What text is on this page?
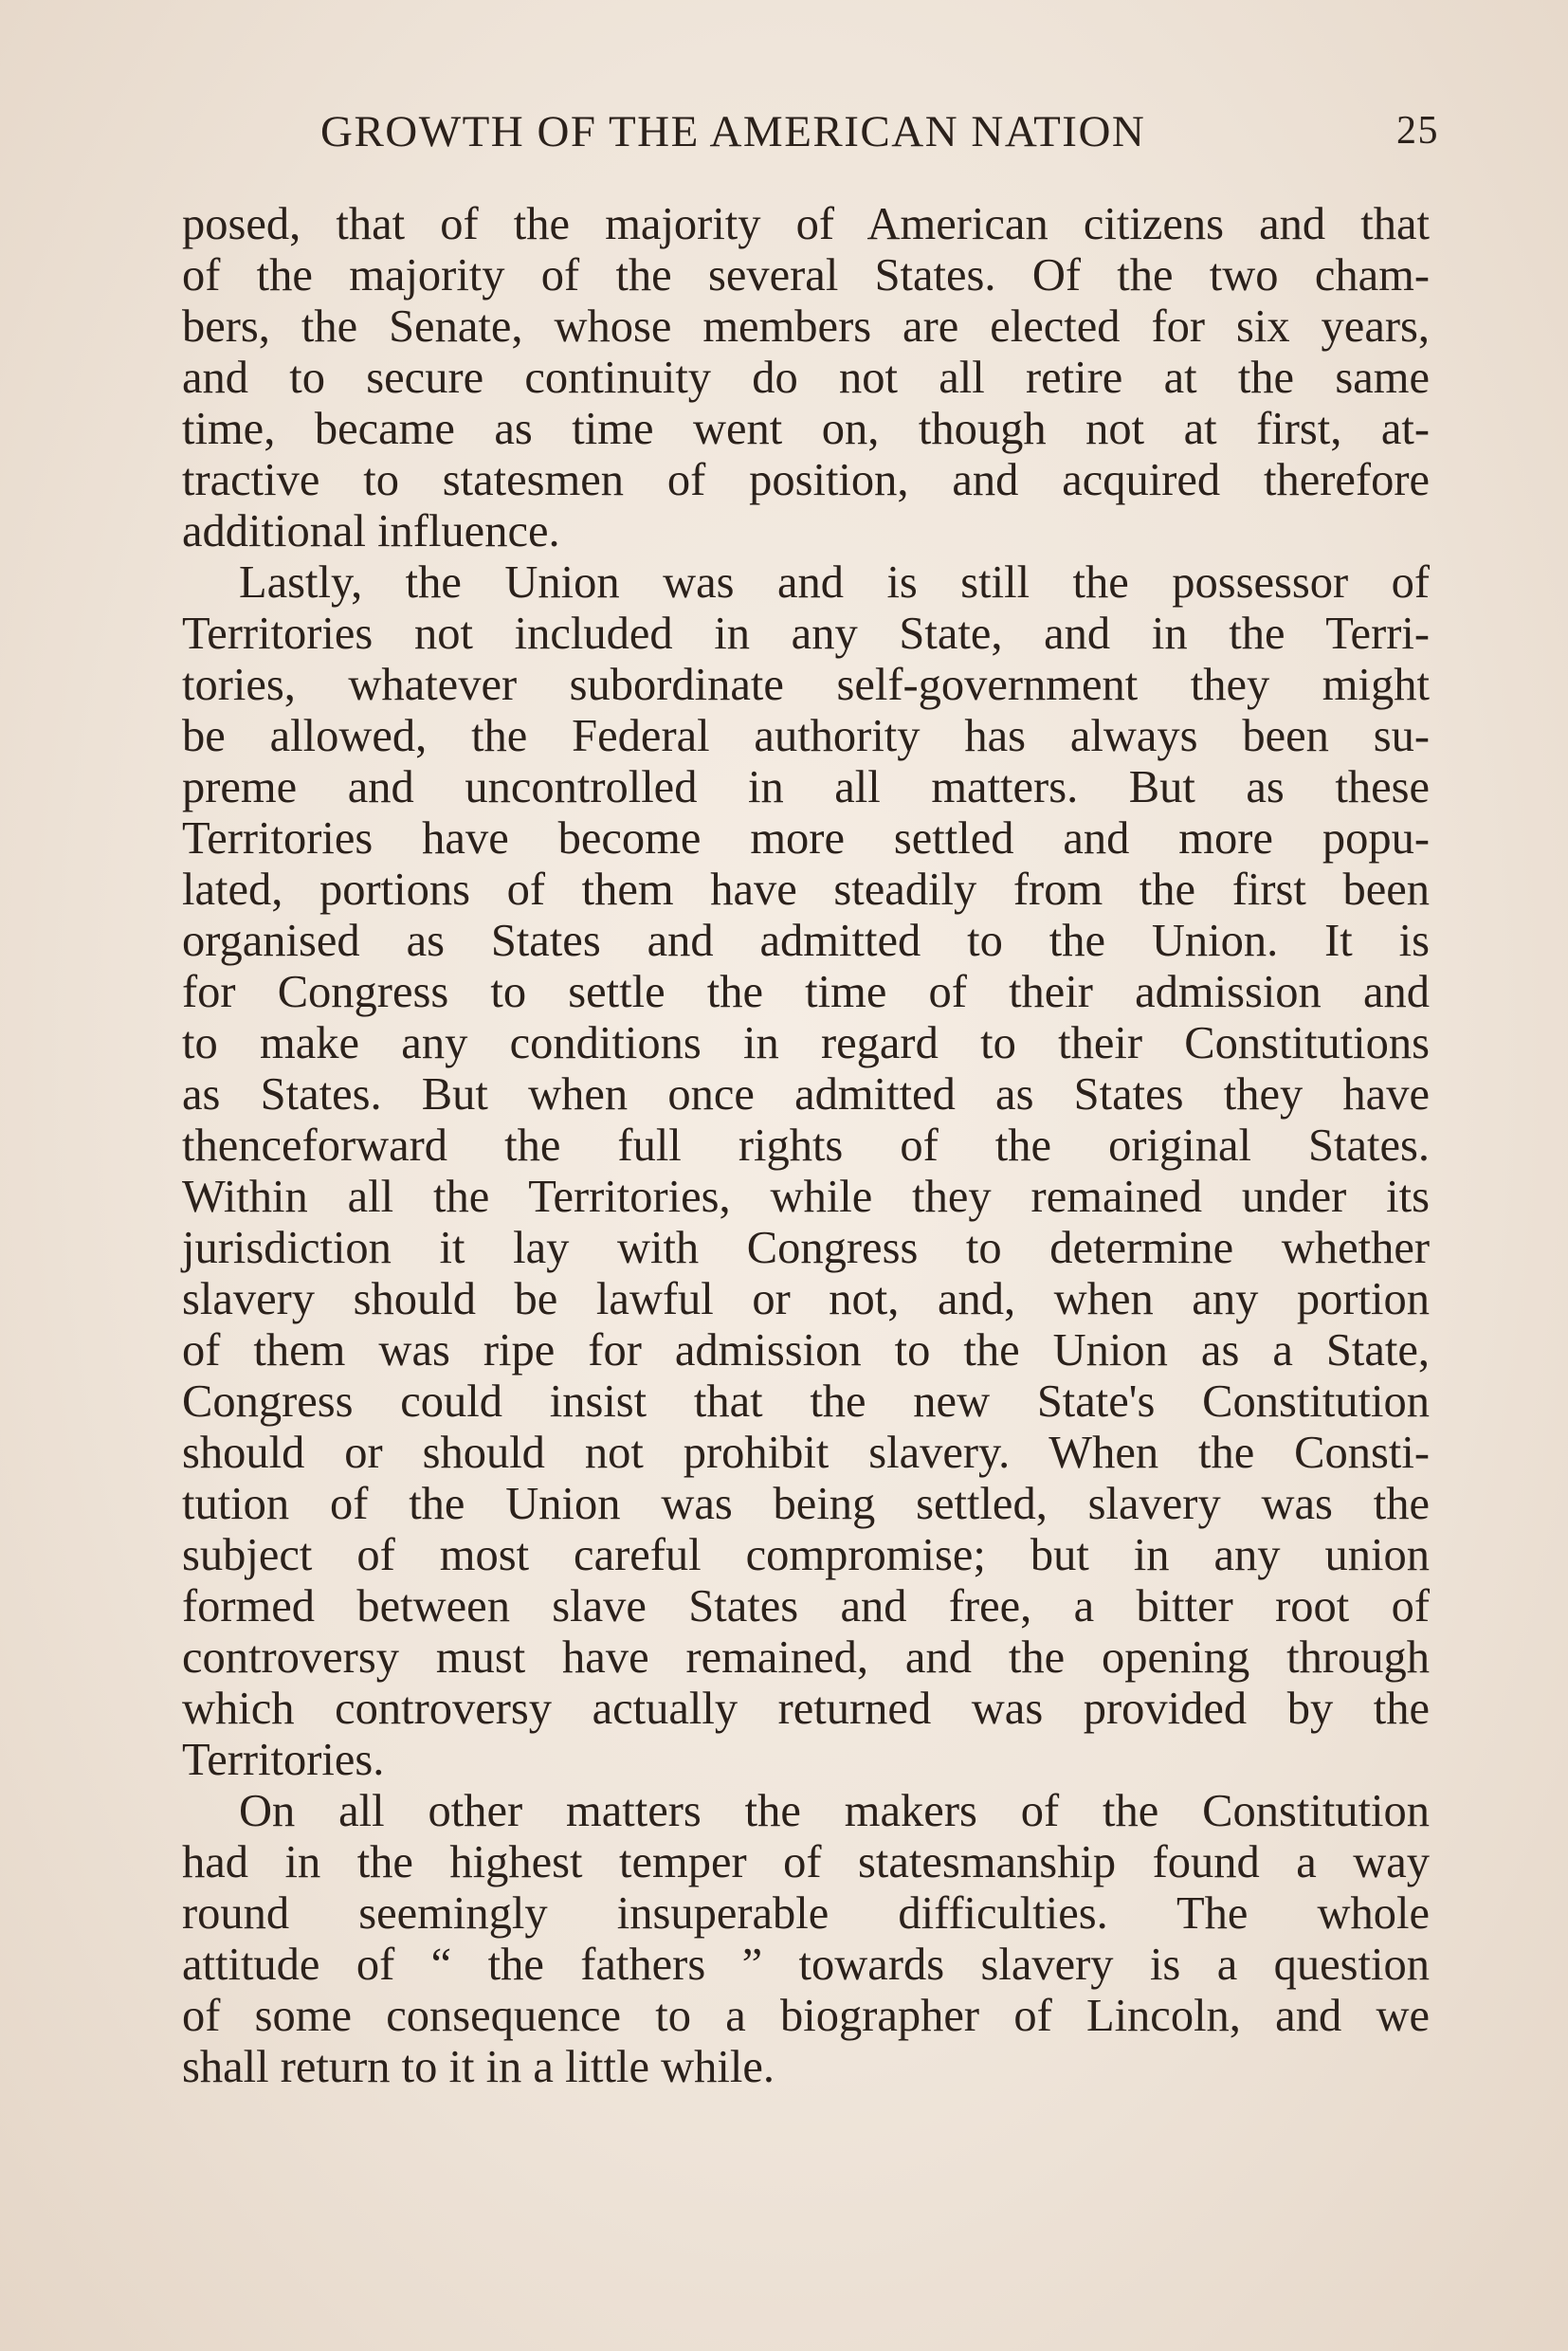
GROWTH OF THE AMERICAN NATION	25
posed, that of the majority of American citizens and that
of the majority of the several States. Of the two cham-
bers, the Senate, whose members are elected for six years,
and to secure continuity do not all retire at the same
time, became as time went on, though not at first, at-
tractive to statesmen of position, and acquired therefore
additional influence.
Lastly, the Union was and is still the possessor of
Territories not included in any State, and in the Terri-
tories, whatever subordinate self-government they might
be allowed, the Federal authority has always been su-
preme and uncontrolled in all matters. But as these
Territories have become more settled and more popu-
lated, portions of them have steadily from the first been
organised as States and admitted to the Union. It is
for Congress to settle the time of their admission and
to make any conditions in regard to their Constitutions
as States. But when once admitted as States they have
thenceforward the full rights of the original States.
Within all the Territories, while they remained under its
jurisdiction it lay with Congress to determine whether
slavery should be lawful or not, and, when any portion
of them was ripe for admission to the Union as a State,
Congress could insist that the new State's Constitution
should or should not prohibit slavery. When the Consti-
tution of the Union was being settled, slavery was the
subject of most careful compromise; but in any union
formed between slave States and free, a bitter root of
controversy must have remained, and the opening through
which controversy actually returned was provided by the
Territories.
On all other matters the makers of the Constitution
had in the highest temper of statesmanship found a way
round seemingly insuperable difficulties. The whole
attitude of “ the fathers ” towards slavery is a question
of some consequence to a biographer of Lincoln, and we
shall return to it in a little while.
